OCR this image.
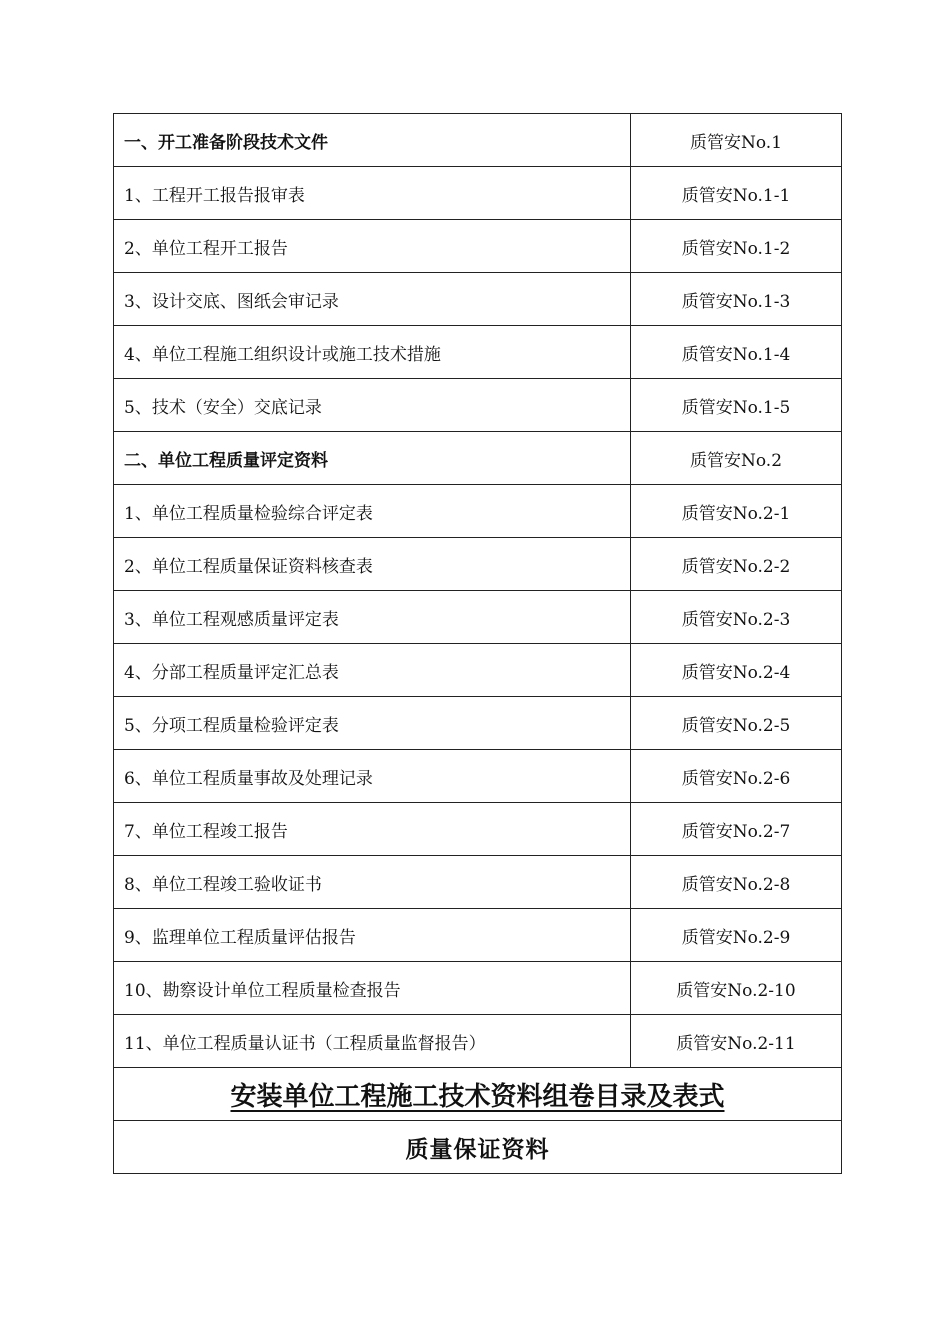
一、开工准备阶段技术文件	质管安No.1
1、工程开工报告报审表	质管安No.1-1
2、单位工程开工报告	质管安No.1-2
3、设计交底、图纸会审记录	质管安No.1-3
4、单位工程施工组织设计或施工技术措施	质管安No.1-4
5、技术（安全）交底记录	质管安No.1-5
二、单位工程质量评定资料	质管安No.2
1、单位工程质量检验综合评定表	质管安No.2-1
2、单位工程质量保证资料核查表	质管安No.2-2
3、单位工程观感质量评定表	质管安No.2-3
4、分部工程质量评定汇总表	质管安No.2-4
5、分项工程质量检验评定表	质管安No.2-5
6、单位工程质量事故及处理记录	质管安No.2-6
7、单位工程竣工报告	质管安No.2-7
8、单位工程竣工验收证书	质管安No.2-8
9、监理单位工程质量评估报告	质管安No.2-9
10、勘察设计单位工程质量检查报告	质管安No.2-10
11、单位工程质量认证书（工程质量监督报告）	质管安No.2-11
安装单位工程施工技术资料组卷目录及表式	
质量保证资料	
